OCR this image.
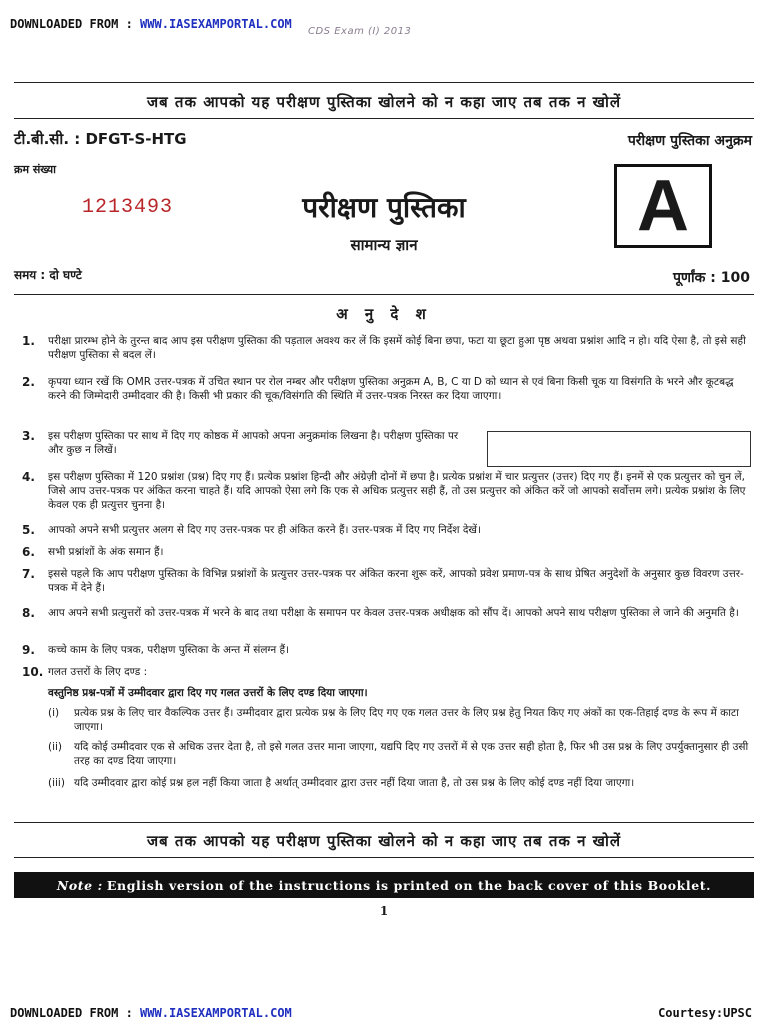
DOWNLOADED FROM : WWW.IASEXAMPORTAL.COM
CDS Exam (I) 2013
जब तक आपको यह परीक्षण पुस्तिका खोलने को न कहा जाए तब तक न खोलें
टी.बी.सी. : DFGT-S-HTG	परीक्षण पुस्तिका अनुक्रम
क्रम संख्या
1213493	परीक्षण पुस्तिका
सामान्य ज्ञान	A
समय : दो घण्टे	पूर्णांक : 100
अ नु दे श
1. परीक्षा प्रारम्भ होने के तुरन्त बाद आप इस परीक्षण पुस्तिका की पड़ताल अवश्य कर लें कि इसमें कोई बिना छपा, फटा या छूटा हुआ पृष्ठ अथवा प्रश्नांश आदि न हो। यदि ऐसा है, तो इसे सही परीक्षण पुस्तिका से बदल लें।
2. कृपया ध्यान रखें कि OMR उत्तर-पत्रक में उचित स्थान पर रोल नम्बर और परीक्षण पुस्तिका अनुक्रम A, B, C या D को ध्यान से एवं बिना किसी चूक या विसंगति के भरने और कूटबद्ध करने की जिम्मेदारी उम्मीदवार की है। किसी भी प्रकार की चूक/विसंगति की स्थिति में उत्तर-पत्रक निरस्त कर दिया जाएगा।
3. इस परीक्षण पुस्तिका पर साथ में दिए गए कोष्ठक में आपको अपना अनुक्रमांक लिखना है। परीक्षण पुस्तिका पर और कुछ न लिखें।
4. इस परीक्षण पुस्तिका में 120 प्रश्नांश (प्रश्न) दिए गए हैं। प्रत्येक प्रश्नांश हिन्दी और अंग्रेज़ी दोनों में छपा है। प्रत्येक प्रश्नांश में चार प्रत्युत्तर (उत्तर) दिए गए हैं। इनमें से एक प्रत्युत्तर को चुन लें, जिसे आप उत्तर-पत्रक पर अंकित करना चाहते हैं। यदि आपको ऐसा लगे कि एक से अधिक प्रत्युत्तर सही हैं, तो उस प्रत्युत्तर को अंकित करें जो आपको सर्वोत्तम लगे। प्रत्येक प्रश्नांश के लिए केवल एक ही प्रत्युत्तर चुनना है।
5. आपको अपने सभी प्रत्युत्तर अलग से दिए गए उत्तर-पत्रक पर ही अंकित करने हैं। उत्तर-पत्रक में दिए गए निर्देश देखें।
6. सभी प्रश्नांशों के अंक समान हैं।
7. इससे पहले कि आप परीक्षण पुस्तिका के विभिन्न प्रश्नांशों के प्रत्युत्तर उत्तर-पत्रक पर अंकित करना शुरू करें, आपको प्रवेश प्रमाण-पत्र के साथ प्रेषित अनुदेशों के अनुसार कुछ विवरण उत्तर-पत्रक में देने हैं।
8. आप अपने सभी प्रत्युत्तरों को उत्तर-पत्रक में भरने के बाद तथा परीक्षा के समापन पर केवल उत्तर-पत्रक अधीक्षक को सौंप दें। आपको अपने साथ परीक्षण पुस्तिका ले जाने की अनुमति है।
9. कच्चे काम के लिए पत्रक, परीक्षण पुस्तिका के अन्त में संलग्न हैं।
10. गलत उत्तरों के लिए दण्ड :
वस्तुनिष्ठ प्रश्न-पत्रों में उम्मीदवार द्वारा दिए गए गलत उत्तरों के लिए दण्ड दिया जाएगा।
(i) प्रत्येक प्रश्न के लिए चार वैकल्पिक उत्तर हैं। उम्मीदवार द्वारा प्रत्येक प्रश्न के लिए दिए गए एक गलत उत्तर के लिए प्रश्न हेतु नियत किए गए अंकों का एक-तिहाई दण्ड के रूप में काटा जाएगा।
(ii) यदि कोई उम्मीदवार एक से अधिक उत्तर देता है, तो इसे गलत उत्तर माना जाएगा, यद्यपि दिए गए उत्तरों में से एक उत्तर सही होता है, फिर भी उस प्रश्न के लिए उपर्युक्तानुसार ही उसी तरह का दण्ड दिया जाएगा।
(iii) यदि उम्मीदवार द्वारा कोई प्रश्न हल नहीं किया जाता है अर्थात् उम्मीदवार द्वारा उत्तर नहीं दिया जाता है, तो उस प्रश्न के लिए कोई दण्ड नहीं दिया जाएगा।
जब तक आपको यह परीक्षण पुस्तिका खोलने को न कहा जाए तब तक न खोलें
Note : English version of the instructions is printed on the back cover of this Booklet.
1
DOWNLOADED FROM : WWW.IASEXAMPORTAL.COM	Courtesy:UPSC
